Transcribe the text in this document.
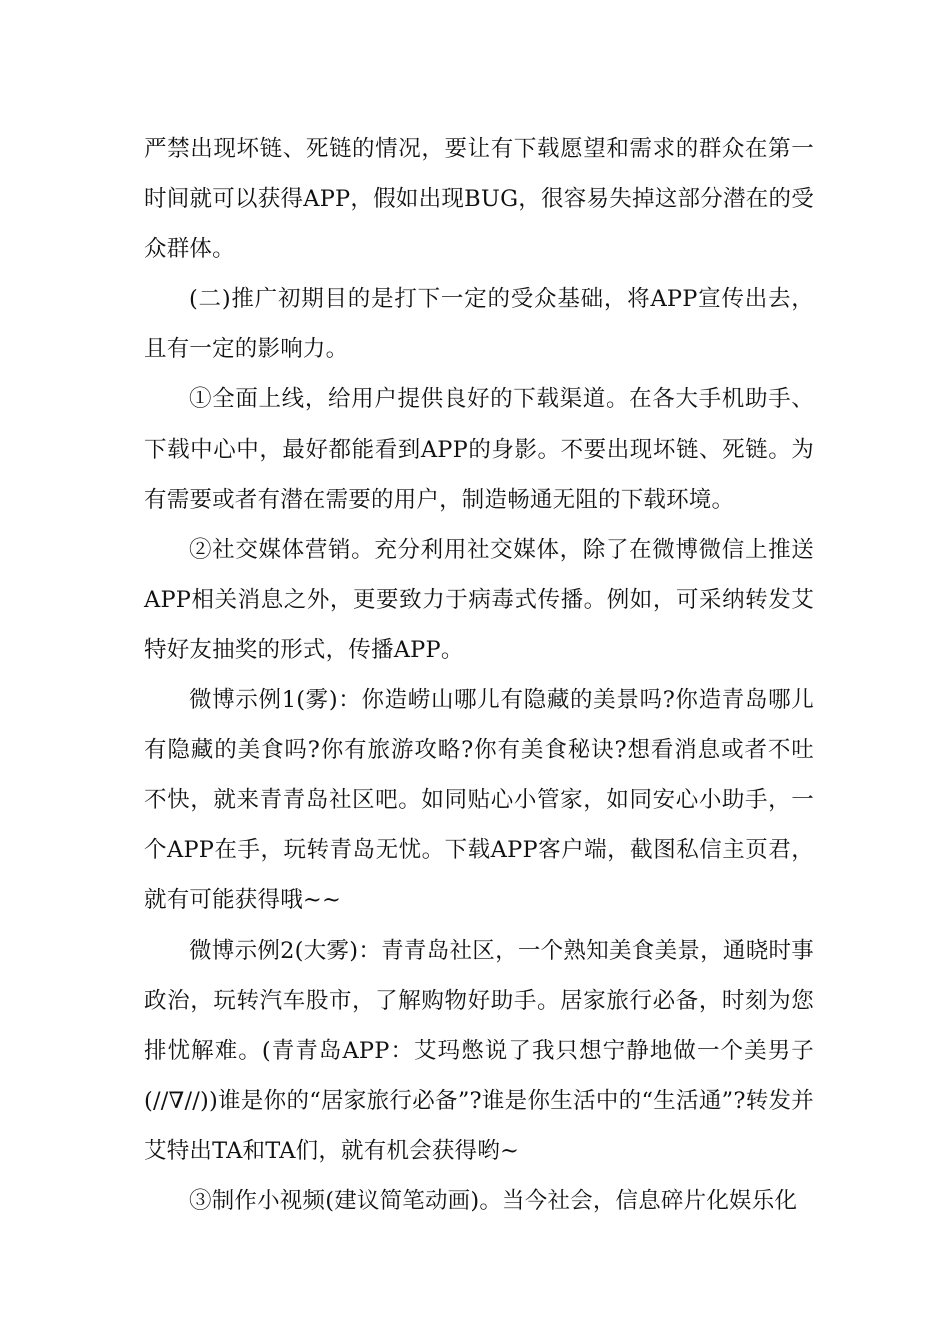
严禁出现坏链、死链的情况，要让有下载愿望和需求的群众在第一时间就可以获得APP，假如出现BUG，很容易失掉这部分潜在的受众群体。

(二)推广初期目的是打下一定的受众基础，将APP宣传出去，且有一定的影响力。

①全面上线，给用户提供良好的下载渠道。在各大手机助手、下载中心中，最好都能看到APP的身影。不要出现坏链、死链。为有需要或者有潜在需要的用户，制造畅通无阻的下载环境。

②社交媒体营销。充分利用社交媒体，除了在微博微信上推送APP相关消息之外，更要致力于病毒式传播。例如，可采纳转发艾特好友抽奖的形式，传播APP。

微博示例1(雾)：你造崂山哪儿有隐藏的美景吗?你造青岛哪儿有隐藏的美食吗?你有旅游攻略?你有美食秘诀?想看消息或者不吐不快，就来青青岛社区吧。如同贴心小管家，如同安心小助手，一个APP在手，玩转青岛无忧。下载APP客户端，截图私信主页君，就有可能获得哦~~

微博示例2(大雾)：青青岛社区，一个熟知美食美景，通晓时事政治，玩转汽车股市，了解购物好助手。居家旅行必备，时刻为您排忧解难。(青青岛APP：艾玛憋说了我只想宁静地做一个美男子(//∇//))谁是你的“居家旅行必备”?谁是你生活中的“生活通”?转发并艾特出TA和TA们，就有机会获得哟~

③制作小视频(建议简笔动画)。当今社会，信息碎片化娱乐化
